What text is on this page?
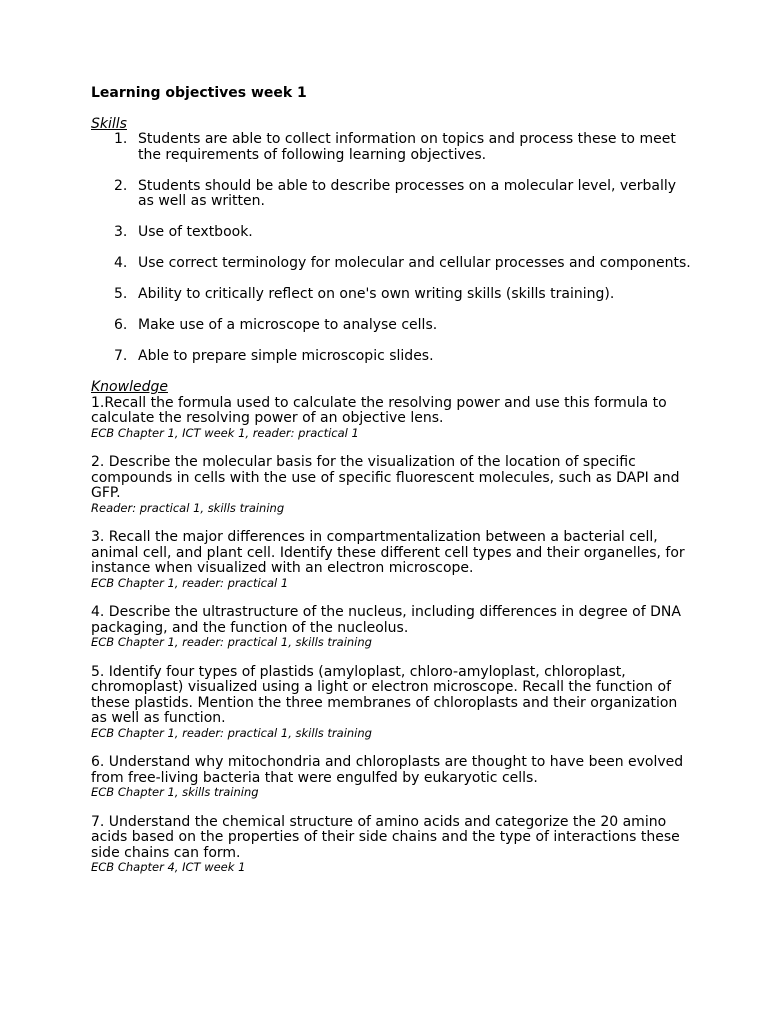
Learning objectives week 1

Skills

1. Students are able to collect information on topics and process these to meet the requirements of following learning objectives.
2. Students should be able to describe processes on a molecular level, verbally as well as written.
3. Use of textbook.
4. Use correct terminology for molecular and cellular processes and components.
5. Ability to critically reflect on one's own writing skills (skills training).
6. Make use of a microscope to analyse cells.
7. Able to prepare simple microscopic slides.

Knowledge

1.Recall the formula used to calculate the resolving power and use this formula to calculate the resolving power of an objective lens.
ECB Chapter 1, ICT week 1, reader: practical 1
2. Describe the molecular basis for the visualization of the location of specific compounds in cells with the use of specific fluorescent molecules, such as DAPI and GFP.
Reader: practical 1, skills training
3. Recall the major differences in compartmentalization between a bacterial cell, animal cell, and plant cell. Identify these different cell types and their organelles, for instance when visualized with an electron microscope.
ECB Chapter 1, reader: practical 1
4. Describe the ultrastructure of the nucleus, including differences in degree of DNA packaging, and the function of the nucleolus.
ECB Chapter 1, reader: practical 1, skills training
5. Identify four types of plastids (amyloplast, chloro-amyloplast, chloroplast, chromoplast) visualized using a light or electron microscope. Recall the function of these plastids. Mention the three membranes of chloroplasts and their organization as well as function.
ECB Chapter 1, reader: practical 1, skills training
6. Understand why mitochondria and chloroplasts are thought to have been evolved from free-living bacteria that were engulfed by eukaryotic cells.
ECB Chapter 1, skills training
7. Understand the chemical structure of amino acids and categorize the 20 amino acids based on the properties of their side chains and the type of interactions these side chains can form.
ECB Chapter 4, ICT week 1
